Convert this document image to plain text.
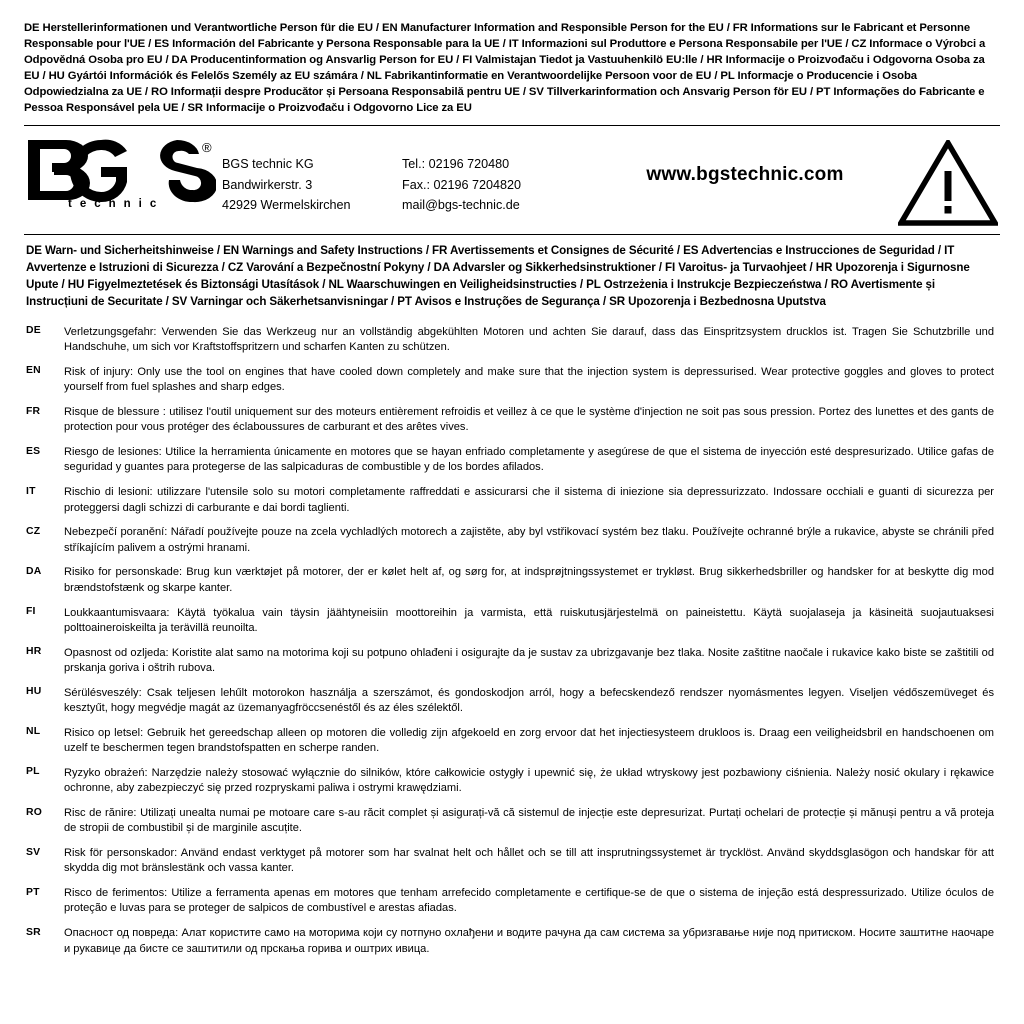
DE Herstellerinformationen und Verantwortliche Person für die EU / EN Manufacturer Information and Responsible Person for the EU / FR Informations sur le Fabricant et Personne Responsable pour l'UE / ES Información del Fabricante y Persona Responsable para la UE / IT Informazioni sul Produttore e Persona Responsabile per l'UE / CZ Informace o Výrobci a Odpovědná Osoba pro EU / DA Producentinformation og Ansvarlig Person for EU / FI Valmistajan Tiedot ja Vastuuhenkilö EU:lle / HR Informacije o Proizvođaču i Odgovorna Osoba za EU / HU Gyártói Információk és Felelős Személy az EU számára / NL Fabrikantinformatie en Verantwoordelijke Persoon voor de EU / PL Informacje o Producencie i Osoba Odpowiedzialna za UE / RO Informații despre Producător și Persoana Responsabilă pentru UE / SV Tillverkarinformation och Ansvarig Person för EU / PT Informações do Fabricante e Pessoa Responsável pela UE / SR Informacije o Proizvođaču i Odgovorno Lice za EU
®
t e c h n i c
BGS technic KG
Bandwirkerstr. 3
42929 Wermelskirchen
Tel.: 02196 720480
Fax.: 02196 7204820
mail@bgs-technic.de
www.bgstechnic.com
DE Warn- und Sicherheitshinweise / EN Warnings and Safety Instructions / FR Avertissements et Consignes de Sécurité / ES Advertencias e Instrucciones de Seguridad / IT Avvertenze e Istruzioni di Sicurezza / CZ Varování a Bezpečnostní Pokyny / DA Advarsler og Sikkerhedsinstruktioner / FI Varoitus- ja Turvaohjeet / HR Upozorenja i Sigurnosne Upute / HU Figyelmeztetések és Biztonsági Utasítások / NL Waarschuwingen en Veiligheidsinstructies / PL Ostrzeżenia i Instrukcje Bezpieczeństwa / RO Avertismente și Instrucțiuni de Securitate / SV Varningar och Säkerhetsanvisningar / PT Avisos e Instruções de Segurança / SR Upozorenja i Bezbednosna Uputstva
DE	Verletzungsgefahr: Verwenden Sie das Werkzeug nur an vollständig abgekühlten Motoren und achten Sie darauf, dass das Einspritzsystem drucklos ist. Tragen Sie Schutzbrille und Handschuhe, um sich vor Kraftstoffspritzern und scharfen Kanten zu schützen.
EN	Risk of injury: Only use the tool on engines that have cooled down completely and make sure that the injection system is depressurised. Wear protective goggles and gloves to protect yourself from fuel splashes and sharp edges.
FR	Risque de blessure : utilisez l'outil uniquement sur des moteurs entièrement refroidis et veillez à ce que le système d'injection ne soit pas sous pression. Portez des lunettes et des gants de protection pour vous protéger des éclaboussures de carburant et des arêtes vives.
ES	Riesgo de lesiones: Utilice la herramienta únicamente en motores que se hayan enfriado completamente y asegúrese de que el sistema de inyección esté despresurizado. Utilice gafas de seguridad y guantes para protegerse de las salpicaduras de combustible y de los bordes afilados.
IT	Rischio di lesioni: utilizzare l'utensile solo su motori completamente raffreddati e assicurarsi che il sistema di iniezione sia depressurizzato. Indossare occhiali e guanti di sicurezza per proteggersi dagli schizzi di carburante e dai bordi taglienti.
CZ	Nebezpečí poranění: Nářadí používejte pouze na zcela vychladlých motorech a zajistěte, aby byl vstřikovací systém bez tlaku. Používejte ochranné brýle a rukavice, abyste se chránili před stříkajícím palivem a ostrými hranami.
DA	Risiko for personskade: Brug kun værktøjet på motorer, der er kølet helt af, og sørg for, at indsprøjtningssystemet er trykløst. Brug sikkerhedsbriller og handsker for at beskytte dig mod brændstofstænk og skarpe kanter.
FI	Loukkaantumisvaara: Käytä työkalua vain täysin jäähtyneisiin moottoreihin ja varmista, että ruiskutusjärjestelmä on paineistettu. Käytä suojalaseja ja käsineitä suojautuaksesi polttoaineroiskeilta ja terävillä reunoilta.
HR	Opasnost od ozljeda: Koristite alat samo na motorima koji su potpuno ohlađeni i osigurajte da je sustav za ubrizgavanje bez tlaka. Nosite zaštitne naočale i rukavice kako biste se zaštitili od prskanja goriva i oštrih rubova.
HU	Sérülésveszély: Csak teljesen lehűlt motorokon használja a szerszámot, és gondoskodjon arról, hogy a befecskendező rendszer nyomásmentes legyen. Viseljen védőszemüveget és kesztyűt, hogy megvédje magát az üzemanyagfröccsenéstől és az éles szélektől.
NL	Risico op letsel: Gebruik het gereedschap alleen op motoren die volledig zijn afgekoeld en zorg ervoor dat het injectiesysteem drukloos is. Draag een veiligheidsbril en handschoenen om uzelf te beschermen tegen brandstofspatten en scherpe randen.
PL	Ryzyko obrażeń: Narzędzie należy stosować wyłącznie do silników, które całkowicie ostygły i upewnić się, że układ wtryskowy jest pozbawiony ciśnienia. Należy nosić okulary i rękawice ochronne, aby zabezpieczyć się przed rozpryskami paliwa i ostrymi krawędziami.
RO	Risc de rănire: Utilizați unealta numai pe motoare care s-au răcit complet și asigurați-vă că sistemul de injecție este depresurizat. Purtați ochelari de protecție și mănuși pentru a vă proteja de stropii de combustibil și de marginile ascuțite.
SV	Risk för personskador: Använd endast verktyget på motorer som har svalnat helt och hållet och se till att insprutningssystemet är trycklöst. Använd skyddsglasögon och handskar för att skydda dig mot bränslestänk och vassa kanter.
PT	Risco de ferimentos: Utilize a ferramenta apenas em motores que tenham arrefecido completamente e certifique-se de que o sistema de injeção está despressurizado. Utilize óculos de proteção e luvas para se proteger de salpicos de combustível e arestas afiadas.
SR	Опасност од повреда: Алат користите само на моторима који су потпуно охлађени и водите рачуна да сам система за убризгавање није под притиском. Носите заштитне наочаре и рукавице да бисте се заштитили од прскања горива и оштрих ивица.
